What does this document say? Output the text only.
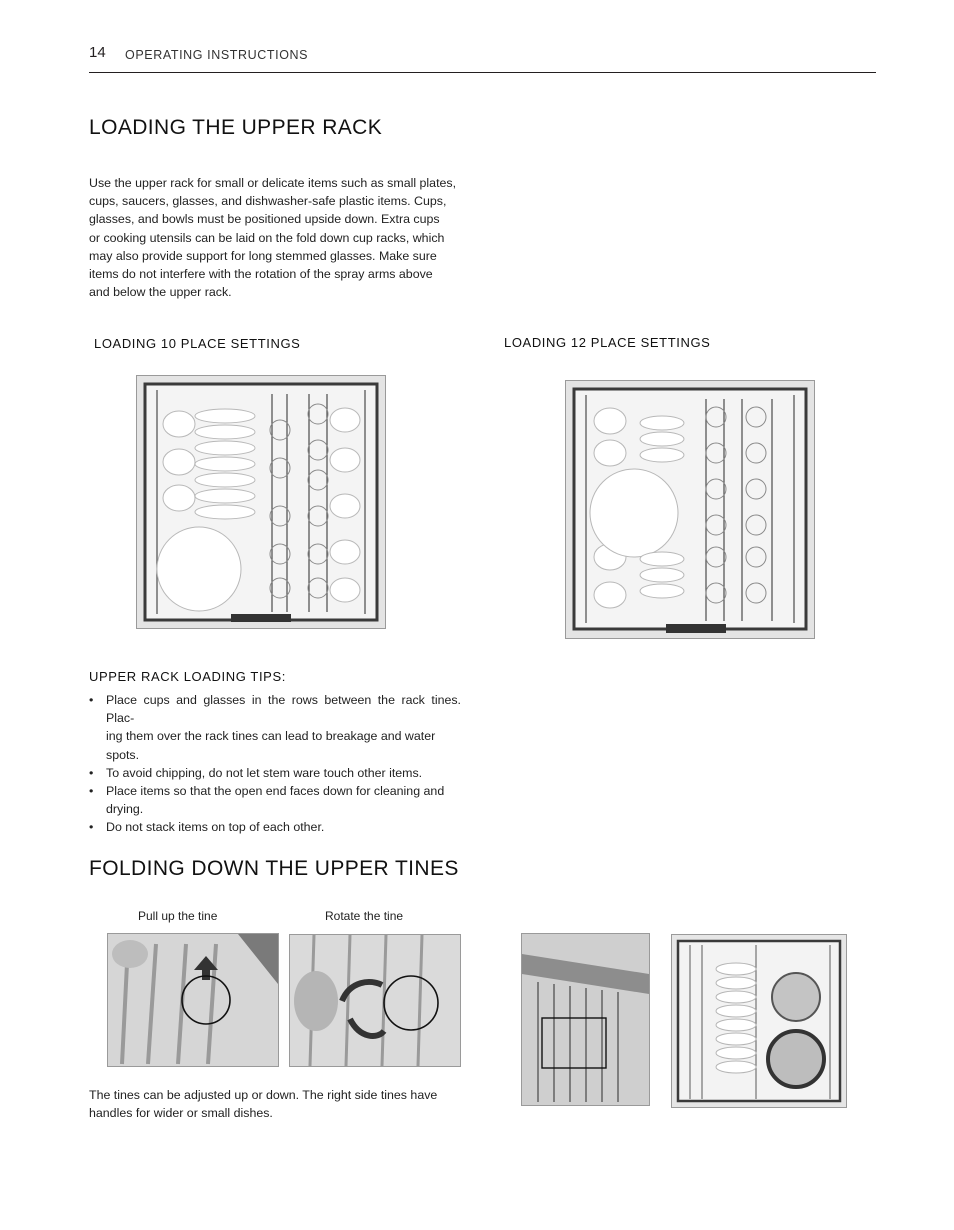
14 OPERATING INSTRUCTIONS
LOADING THE UPPER RACK
Use the upper rack for small or delicate items such as small plates,
cups, saucers, glasses, and dishwasher-safe plastic items. Cups,
glasses, and bowls must be positioned upside down. Extra cups
or cooking utensils can be laid on the fold down cup racks, which
may also provide support for long stemmed glasses. Make sure
items do not interfere with the rotation of the spray arms above
and below the upper rack.
LOADING 10 PLACE SETTINGS	LOADING 12 PLACE SETTINGS
UPPER RACK LOADING TIPS:
• Place cups and glasses in the rows between the rack tines. Plac-
ing them over the rack tines can lead to breakage and water
spots.
• To avoid chipping, do not let stem ware touch other items.
• Place items so that the open end faces down for cleaning and
drying.
• Do not stack items on top of each other.
FOLDING DOWN THE UPPER TINES
Pull up the tine	Rotate the tine
The tines can be adjusted up or down. The right side tines have
handles for wider or small dishes.
